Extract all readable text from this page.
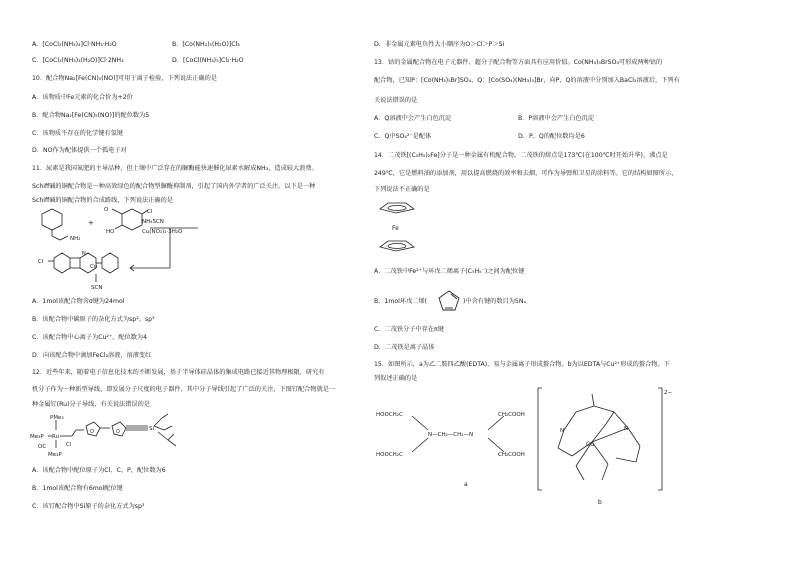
A．[CoCl₂(NH₃)₄]Cl·NH₃·H₂O	B．[Co(NH₃)₅(H₂O)]Cl₃
C．[CoCl₂(NH₃)₃(H₂O)]Cl·2NH₃	D．[CoCl(NH₃)₅]Cl₂·H₂O
10．配合物Na₂[Fe(CN)₅(NO)]可用于离子检验，下列说法正确的是
A．该物质中Fe元素的化合价为+2价
B．配合物Na₂[Fe(CN)₅(NO)]的配位数为5
C．该物质不存在的化学键有氢键
D．NO作为配体提供一个孤电子对
11．尿素是我国氮肥的主导品种，但土壤中广泛存在的脲酶能快速催化尿素水解成NH₃，造成较大浪费。
Schiff碱的铜配合物是一种高效绿色的配合物型脲酶抑制剂，引起了国内外学者的广泛关注。以下是一种
Schiff碱的铜配合物的合成路线，下列说法正确的是
+
NH₂
O	Cl
HO
NH₄SCN
Cu(NO₃)₂·3H₂O
Cl
N
Cu
SCN
A．1mol该配合物含σ键为24mol
B．该配合物中碳原子的杂化方式为sp²、sp³
C．该配合物中心离子为Cu²⁺，配位数为4
D．向该配合物中滴加FeCl₃溶液，溶液变红
12．近些年来，随着电子信息化技术的不断发展，基于半导体硅晶体的集成电路已接近其物理极限，研究有
机分子作为一种新型导线，即发展分子尺度的电子器件，其中分子导线引起了广泛的关注，下图钌配合物就是一
种金属钌(Ru)分子导线，有关说法错误的是
PMe₃
Me₃P Ru
OC
Me₃P
Cl
O	O	Si
A．该配合物中配位原子为Cl、C、P，配位数为6
B．1mol该配合物有6mol配位键
C．该钌配合物中Si原子的杂化方式为sp³
D．非金属元素电负性大小顺序为O＞Cl＞P＞Si
13．钴的金属配合物在电子元器件、超分子配合物等方面具有应用价值。Co(NH₃)₅BrSO₄可形成两种钴的
配合物，已知P：[Co(NH₃)₅Br]SO₄，Q：[Co(SO₄)(NH₃)₅]Br，向P、Q的溶液中分别加入BaCl₂溶液后，下列有
关说法错误的是
A．Q溶液中会产生白色沉淀	B．P溶液中会产生白色沉淀
C．Q中SO₄²⁻是配体	D．P、Q的配位数均是6
14．二茂铁[(C₅H₅)₂Fe]分子是一种金属有机配合物，二茂铁的熔点是173℃(在100℃时开始升华)，沸点是
249℃，它是燃料油的添加剂，用以提高燃烧的效率和去烟，可作为导弹和卫星的涂料等。它的结构如图所示，
下列说法不正确的是
Fe
A．二茂铁中Fe²⁺与环戊二烯离子(C₅H₅⁻)之间为配位键
B．1mol环戊二烯(	)中含有键的数目为5Nₐ
C．二茂铁分子中存在π键
D．二茂铁是离子晶体
15．如图所示，a为乙二胺四乙酸(EDTA)，易与金属离子形成螯合物。b为以EDTA与Cu²⁺形成的螯合物。下
列叙述正确的是
HOOCH₂C
HOOCH₂C
N—CH₂—CH₂—N
CH₂COOH
CH₂COOH
a
2−
Cu
N	N
b
